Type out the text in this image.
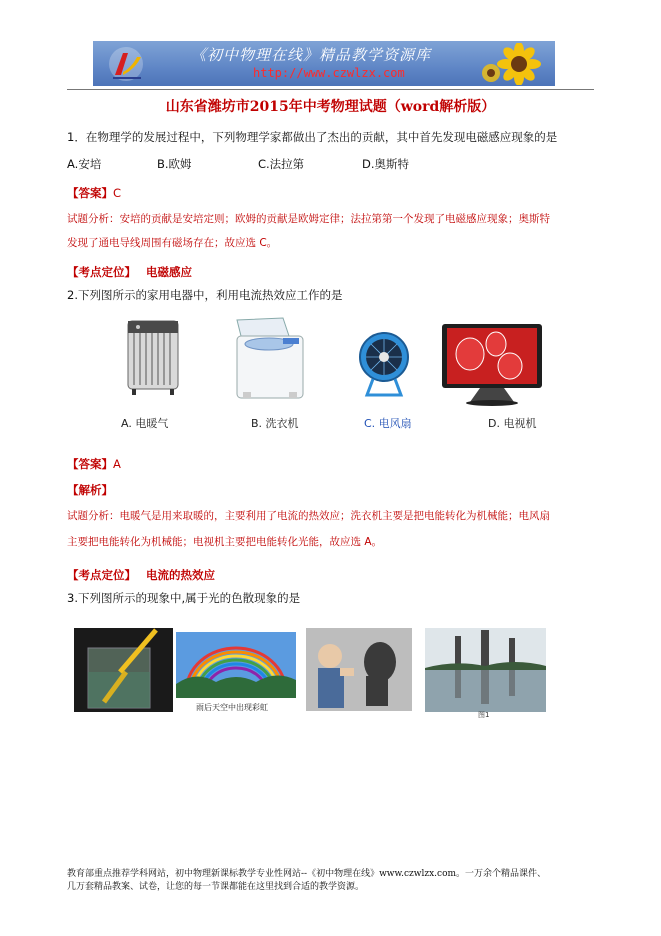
《初中物理在线》精品教学资源库
http://www.czwlzx.com
山东省潍坊市2015年中考物理试题（word解析版）
1．在物理学的发展过程中，下列物理学家都做出了杰出的贡献，其中首先发现电磁感应现象的是
A.安培	B.欧姆	C.法拉第	D.奥斯特
【答案】C
试题分析：安培的贡献是安培定则；欧姆的贡献是欧姆定律；法拉第第一个发现了电磁感应现象；奥斯特
发现了通电导线周围有磁场存在；故应选 C。
【考点定位】 电磁感应
2.下列图所示的家用电器中，利用电流热效应工作的是
A. 电暖气	B. 洗衣机	C. 电风扇	D. 电视机
【答案】A
【解析】
试题分析：电暖气是用来取暖的，主要利用了电流的热效应；洗衣机主要是把电能转化为机械能；电风扇
主要把电能转化为机械能；电视机主要把电能转化光能，故应选 A。
【考点定位】 电流的热效应
3.下列图所示的现象中,属于光的色散现象的是
雨后天空中出现彩虹
图1
教育部重点推荐学科网站，初中物理新课标教学专业性网站--《初中物理在线》www.czwlzx.com。一万余个精品课件、
几万套精品教案、试卷，让您的每一节课都能在这里找到合适的教学资源。
